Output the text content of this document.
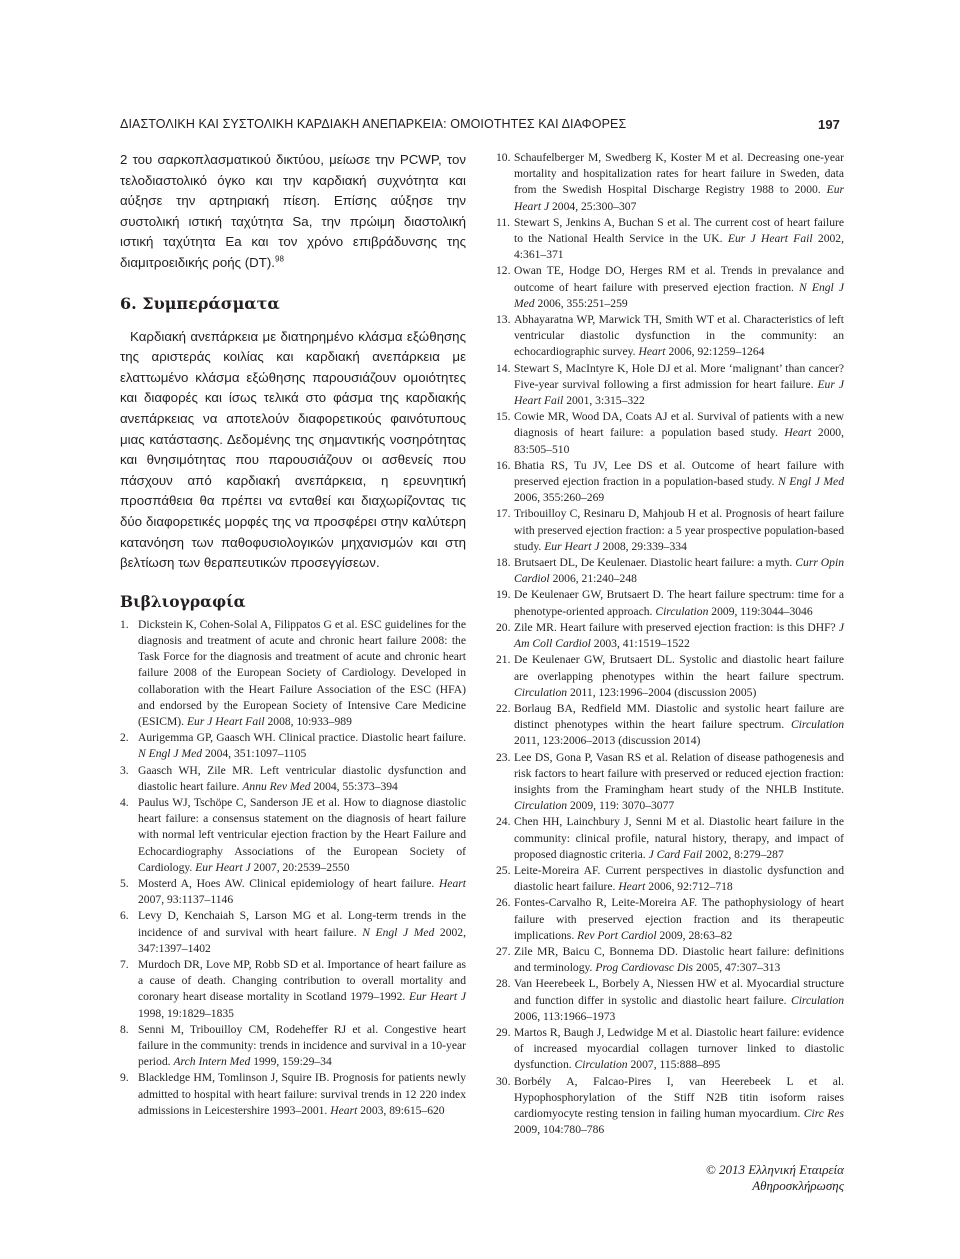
ΔΙΑΣΤΟΛΙΚΗ ΚΑΙ ΣΥΣΤΟΛΙΚΗ ΚΑΡΔΙΑΚΗ ΑΝΕΠΑΡΚΕΙΑ: ΟΜΟΙΟΤΗΤΕΣ ΚΑΙ ΔΙΑΦΟΡΕΣ	197

2 του σαρκοπλασματικού δικτύου, μείωσε την PCWP, τον τελοδιαστολικό όγκο και την καρδιακή συχνότητα και αύξησε την αρτηριακή πίεση. Επίσης αύξησε την συστολική ιστική ταχύτητα Sa, την πρώιμη διαστολική ιστική ταχύτητα Ea και τον χρόνο επιβράδυνσης της διαμιτροειδικής ροής (DT).$^{98}$

6. Συμπεράσματα

Καρδιακή ανεπάρκεια με διατηρημένο κλάσμα εξώθησης της αριστεράς κοιλίας και καρδιακή ανεπάρκεια με ελαττωμένο κλάσμα εξώθησης παρουσιάζουν ομοιότητες και διαφορές και ίσως τελικά στο φάσμα της καρδιακής ανεπάρκειας να αποτελούν διαφορετικούς φαινότυπους μιας κατάστασης. Δεδομένης της σημαντικής νοσηρότητας και θνησιμότητας που παρουσιάζουν οι ασθενείς που πάσχουν από καρδιακή ανεπάρκεια, η ερευνητική προσπάθεια θα πρέπει να ενταθεί και διαχωρίζοντας τις δύο διαφορετικές μορφές της να προσφέρει στην καλύτερη κατανόηση των παθοφυσιολογικών μηχανισμών και στη βελτίωση των θεραπευτικών προσεγγίσεων.

Βιβλιογραφία
1. Dickstein K, Cohen-Solal A, Filippatos G et al. ESC guidelines for the diagnosis and treatment of acute and chronic heart failure 2008: the Task Force for the diagnosis and treatment of acute and chronic heart failure 2008 of the European Society of Cardiology. Developed in collaboration with the Heart Failure Association of the ESC (HFA) and endorsed by the European Society of Intensive Care Medicine (ESICM). Eur J Heart Fail 2008, 10:933–989
2. Aurigemma GP, Gaasch WH. Clinical practice. Diastolic heart failure. N Engl J Med 2004, 351:1097–1105
3. Gaasch WH, Zile MR. Left ventricular diastolic dysfunction and diastolic heart failure. Annu Rev Med 2004, 55:373–394
4. Paulus WJ, Tschöpe C, Sanderson JE et al. How to diagnose diastolic heart failure: a consensus statement on the diagnosis of heart failure with normal left ventricular ejection fraction by the Heart Failure and Echocardiography Associations of the European Society of Cardiology. Eur Heart J 2007, 20:2539–2550
5. Mosterd A, Hoes AW. Clinical epidemiology of heart failure. Heart 2007, 93:1137–1146
6. Levy D, Kenchaiah S, Larson MG et al. Long-term trends in the incidence of and survival with heart failure. N Engl J Med 2002, 347:1397–1402
7. Murdoch DR, Love MP, Robb SD et al. Importance of heart failure as a cause of death. Changing contribution to overall mortality and coronary heart disease mortality in Scotland 1979–1992. Eur Heart J 1998, 19:1829–1835
8. Senni M, Tribouilloy CM, Rodeheffer RJ et al. Congestive heart failure in the community: trends in incidence and survival in a 10-year period. Arch Intern Med 1999, 159:29–34
9. Blackledge HM, Tomlinson J, Squire IB. Prognosis for patients newly admitted to hospital with heart failure: survival trends in 12 220 index admissions in Leicestershire 1993–2001. Heart 2003, 89:615–620
10. Schaufelberger M, Swedberg K, Koster M et al. Decreasing one-year mortality and hospitalization rates for heart failure in Sweden, data from the Swedish Hospital Discharge Registry 1988 to 2000. Eur Heart J 2004, 25:300–307
11. Stewart S, Jenkins A, Buchan S et al. The current cost of heart failure to the National Health Service in the UK. Eur J Heart Fail 2002, 4:361–371
12. Owan TE, Hodge DO, Herges RM et al. Trends in prevalance and outcome of heart failure with preserved ejection fraction. N Engl J Med 2006, 355:251–259
13. Abhayaratna WP, Marwick TH, Smith WT et al. Characteristics of left ventricular diastolic dysfunction in the community: an echocardiographic survey. Heart 2006, 92:1259–1264
14. Stewart S, MacIntyre K, Hole DJ et al. More ‘malignant’ than cancer? Five-year survival following a first admission for heart failure. Eur J Heart Fail 2001, 3:315–322
15. Cowie MR, Wood DA, Coats AJ et al. Survival of patients with a new diagnosis of heart failure: a population based study. Heart 2000, 83:505–510
16. Bhatia RS, Tu JV, Lee DS et al. Outcome of heart failure with preserved ejection fraction in a population-based study. N Engl J Med 2006, 355:260–269
17. Tribouilloy C, Resinaru D, Mahjoub H et al. Prognosis of heart failure with preserved ejection fraction: a 5 year prospective population-based study. Eur Heart J 2008, 29:339–334
18. Brutsaert DL, De Keulenaer. Diastolic heart failure: a myth. Curr Opin Cardiol 2006, 21:240–248
19. De Keulenaer GW, Brutsaert D. The heart failure spectrum: time for a phenotype-oriented approach. Circulation 2009, 119:3044–3046
20. Zile MR. Heart failure with preserved ejection fraction: is this DHF? J Am Coll Cardiol 2003, 41:1519–1522
21. De Keulenaer GW, Brutsaert DL. Systolic and diastolic heart failure are overlapping phenotypes within the heart failure spectrum. Circulation 2011, 123:1996–2004 (discussion 2005)
22. Borlaug BA, Redfield MM. Diastolic and systolic heart failure are distinct phenotypes within the heart failure spectrum. Circulation 2011, 123:2006–2013 (discussion 2014)
23. Lee DS, Gona P, Vasan RS et al. Relation of disease pathogenesis and risk factors to heart failure with preserved or reduced ejection fraction: insights from the Framingham heart study of the NHLB Institute. Circulation 2009, 119: 3070–3077
24. Chen HH, Lainchbury J, Senni M et al. Diastolic heart failure in the community: clinical profile, natural history, therapy, and impact of proposed diagnostic criteria. J Card Fail 2002, 8:279–287
25. Leite-Moreira AF. Current perspectives in diastolic dysfunction and diastolic heart failure. Heart 2006, 92:712–718
26. Fontes-Carvalho R, Leite-Moreira AF. The pathophysiology of heart failure with preserved ejection fraction and its therapeutic implications. Rev Port Cardiol 2009, 28:63–82
27. Zile MR, Baicu C, Bonnema DD. Diastolic heart failure: definitions and terminology. Prog Cardiovasc Dis 2005, 47:307–313
28. Van Heerebeek L, Borbely A, Niessen HW et al. Myocardial structure and function differ in systolic and diastolic heart failure. Circulation 2006, 113:1966–1973
29. Martos R, Baugh J, Ledwidge M et al. Diastolic heart failure: evidence of increased myocardial collagen turnover linked to diastolic dysfunction. Circulation 2007, 115:888–895
30. Borbély A, Falcao-Pires I, van Heerebeek L et al. Hypophosphorylation of the Stiff N2B titin isoform raises cardiomyocyte resting tension in failing human myocardium. Circ Res 2009, 104:780–786
© 2013 Ελληνική Εταιρεία Αθηροσκλήρωσης
